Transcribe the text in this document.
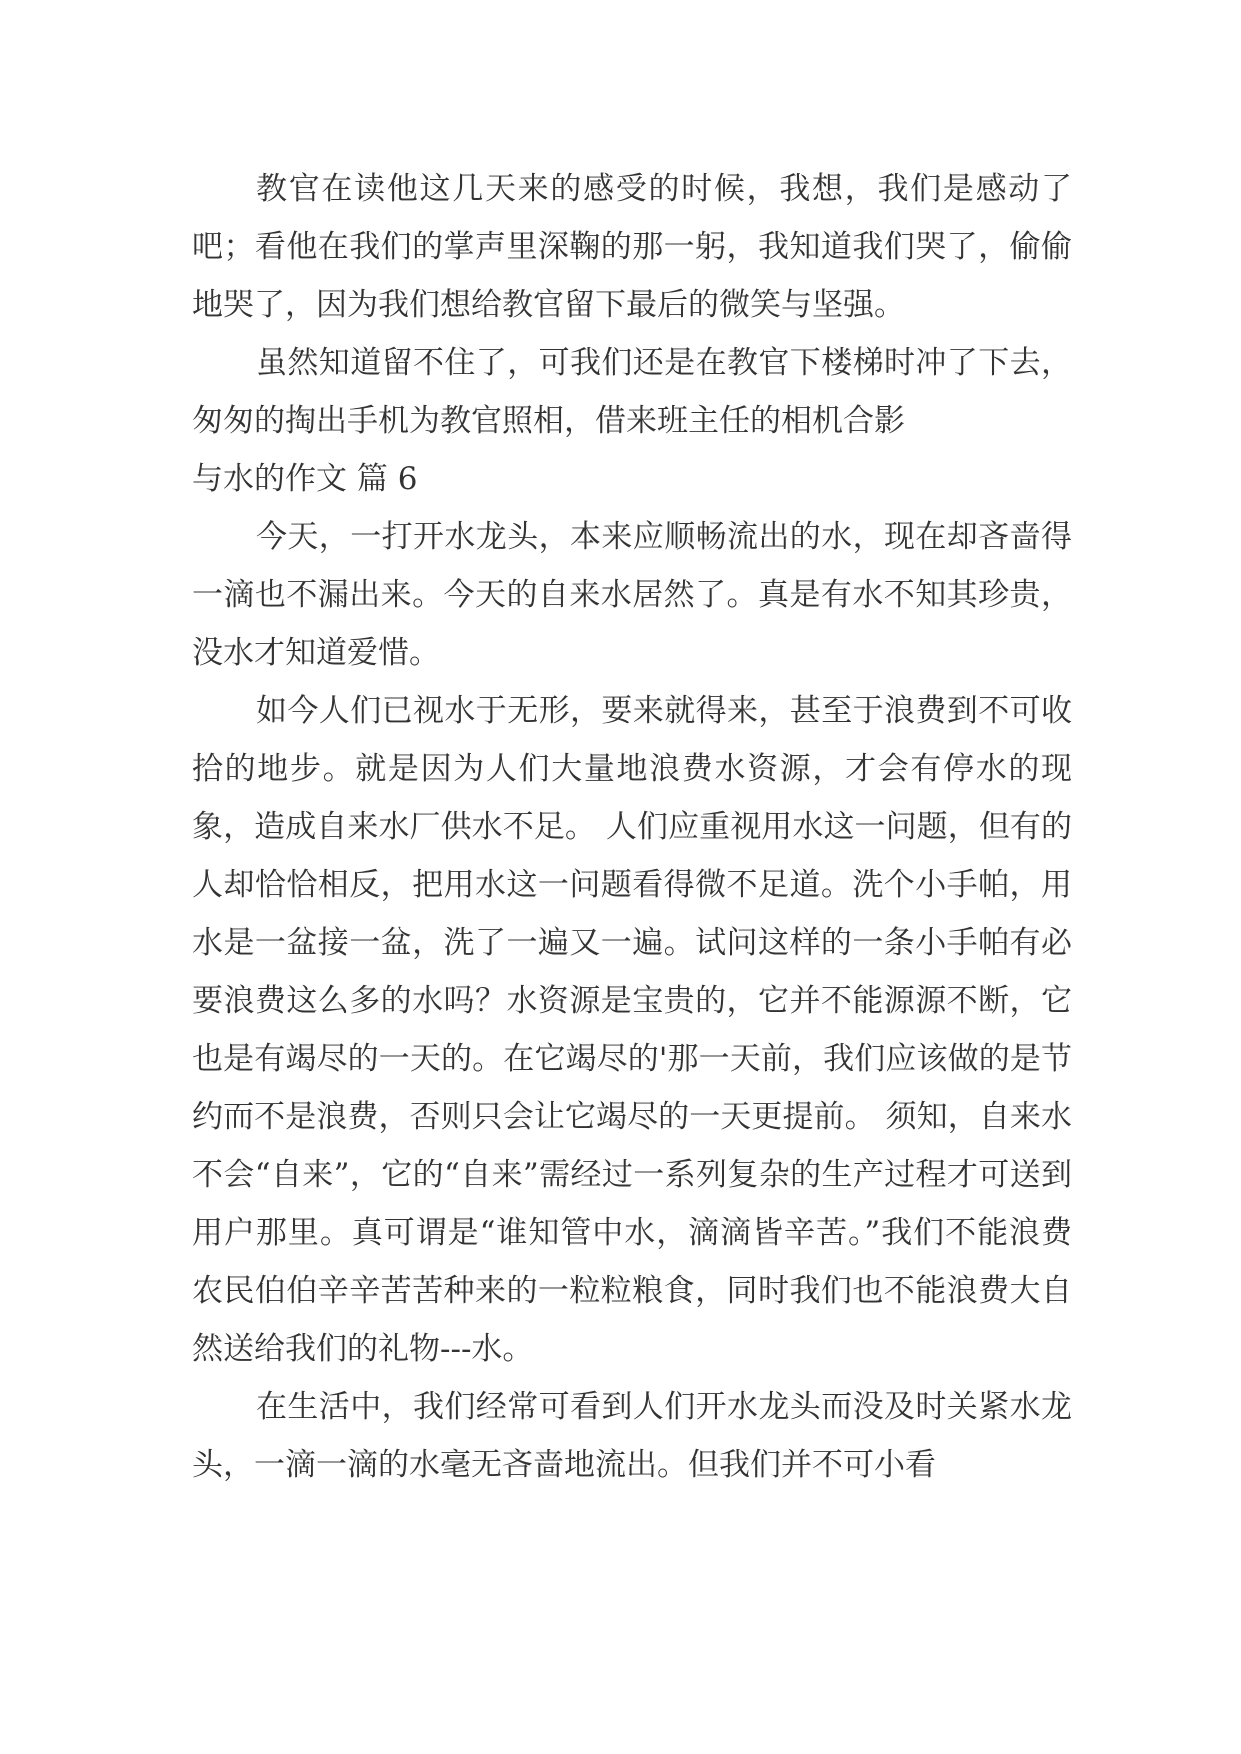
教官在读他这几天来的感受的时候，我想，我们是感动了吧；看他在我们的掌声里深鞠的那一躬，我知道我们哭了，偷偷地哭了，因为我们想给教官留下最后的微笑与坚强。

虽然知道留不住了，可我们还是在教官下楼梯时冲了下去，匆匆的掏出手机为教官照相，借来班主任的相机合影

与水的作文 篇 6

今天，一打开水龙头，本来应顺畅流出的水，现在却吝啬得一滴也不漏出来。今天的自来水居然了。真是有水不知其珍贵，没水才知道爱惜。

如今人们已视水于无形，要来就得来，甚至于浪费到不可收拾的地步。就是因为人们大量地浪费水资源，才会有停水的现象，造成自来水厂供水不足。 人们应重视用水这一问题，但有的人却恰恰相反，把用水这一问题看得微不足道。洗个小手帕，用水是一盆接一盆，洗了一遍又一遍。试问这样的一条小手帕有必要浪费这么多的水吗？水资源是宝贵的，它并不能源源不断，它也是有竭尽的一天的。在它竭尽的'那一天前，我们应该做的是节约而不是浪费，否则只会让它竭尽的一天更提前。 须知，自来水不会“自来”，它的“自来”需经过一系列复杂的生产过程才可送到用户那里。真可谓是“谁知管中水，滴滴皆辛苦。”我们不能浪费农民伯伯辛辛苦苦种来的一粒粒粮食，同时我们也不能浪费大自然送给我们的礼物---水。

在生活中，我们经常可看到人们开水龙头而没及时关紧水龙头，一滴一滴的水毫无吝啬地流出。但我们并不可小看
